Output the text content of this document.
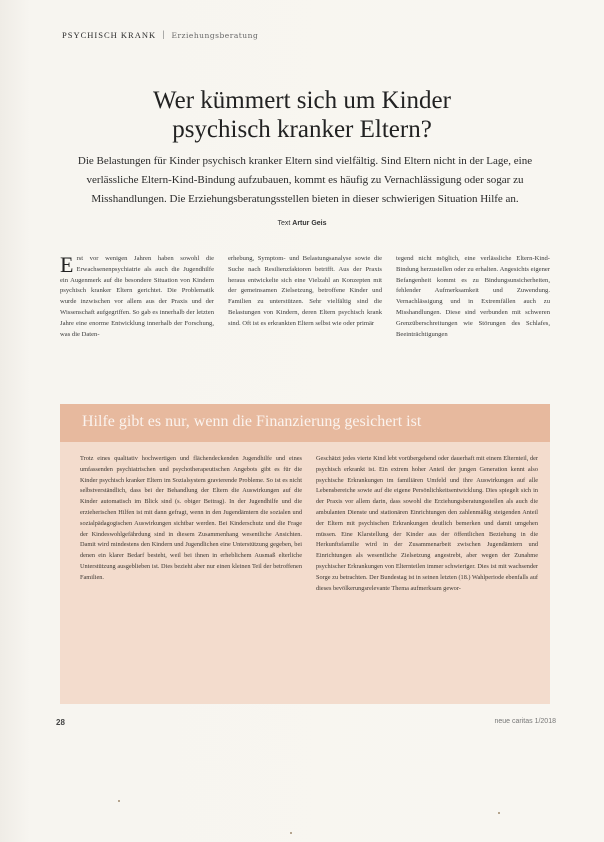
PSYCHISCH KRANK | Erziehungsberatung
Wer kümmert sich um Kinder
psychisch kranker Eltern?
Die Belastungen für Kinder psychisch kranker Eltern sind vielfältig. Sind Eltern nicht in der Lage, eine verlässliche Eltern-Kind-Bindung aufzubauen, kommt es häufig zu Vernachlässigung oder sogar zu Misshandlungen. Die Erziehungsberatungsstellen bieten in dieser schwierigen Situation Hilfe an.
Text Artur Geis
Erst vor wenigen Jahren haben sowohl die Erwachsenenpsychiatrie als auch die Jugendhilfe ein Augenmerk auf die besondere Situation von Kindern psychisch kranker Eltern gerichtet. Die Problematik wurde inzwischen vor allem aus der Praxis und der Wissenschaft aufgegriffen. So gab es innerhalb der letzten Jahre eine enorme Entwicklung innerhalb der Forschung, was die Daten-
erhebung, Symptom- und Belastungsanalyse sowie die Suche nach Resilienzfaktoren betrifft. Aus der Praxis heraus entwickelte sich eine Vielzahl an Konzepten mit der gemeinsamen Zielsetzung, betroffene Kinder und Familien zu unterstützen. Sehr vielfältig sind die Belastungen von Kindern, deren Eltern psychisch krank sind. Oft ist es erkrankten Eltern selbst wie oder primär
tegend nicht möglich, eine verlässliche Eltern-Kind-Bindung herzustellen oder zu erhalten. Angesichts eigener Befangenheit kommt es zu Bindungsunsicherheiten, fehlender Aufmerksamkeit und Zuwendung. Vernachlässigung und in Extremfällen auch zu Misshandlungen. Diese sind verbunden mit schweren Grenzüberschreitungen wie Störungen des Schlafes, Beeinträchtigungen
Hilfe gibt es nur, wenn die Finanzierung gesichert ist
Trotz eines qualitativ hochwertigen und flächendeckenden Jugendhilfe und eines umfassenden psychiatrischen und psychotherapeutischen Angebots gibt es für die Kinder psychisch kranker Eltern im Sozialsystem gravierende Probleme. So ist es nicht selbstverständlich, dass bei der Behandlung der Eltern die Auswirkungen auf die Kinder automatisch im Blick sind (s. obiger Beitrag). In der Jugendhilfe und die erzieherischen Hilfen ist mit dann gefragt, wenn in den Jugendämtern die sozialen und sozialpädagogischen Auswirkungen sichtbar werden. Bei Kinderschutz und die Frage der Kindeswohlgefährdung sind in diesem Zusammenhang wesentliche Ansichten. Damit wird mindestens den Kindern und Jugendlichen eine Unterstützung gegeben, bei denen ein klarer Bedarf besteht, weil bei ihnen in erheblichem Ausmaß elterliche Unterstützung ausgeblieben ist. Dies bezieht aber nur einen kleinen Teil der betroffenen Familien.
Geschätzt jedes vierte Kind lebt vorübergehend oder dauerhaft mit einem Elternteil, der psychisch erkrankt ist. Ein extrem hoher Anteil der jungen Generation kennt also psychische Erkrankungen im familiären Umfeld und ihre Auswirkungen auf alle Lebensbereiche sowie auf die eigene Persönlichkeitsentwicklung. Dies spiegelt sich in der Praxis vor allem darin, dass sowohl die Erziehungsberatungsstellen als auch die ambulanten Dienste und stationären Einrichtungen den zahlenmäßig steigenden Anteil der Eltern mit psychischen Erkrankungen deutlich bemerken und damit umgehen müssen. Eine Klarstellung der Kinder aus der öffentlichen Beziehung in die Herkunftsfamilie wird in der Zusammenarbeit zwischen Jugendämtern und Einrichtungen als wesentliche Zielsetzung angestrebt, aber wegen der Zunahme psychischer Erkrankungen von Elternteilen immer schwieriger. Dies ist mit wachsender Sorge zu betrachten. Der Bundestag ist in seinen letzten (18.) Wahlperiode ebenfalls auf dieses bevölkerungsrelevante Thema aufmerksam gewor-
28	neue caritas 1/2018
